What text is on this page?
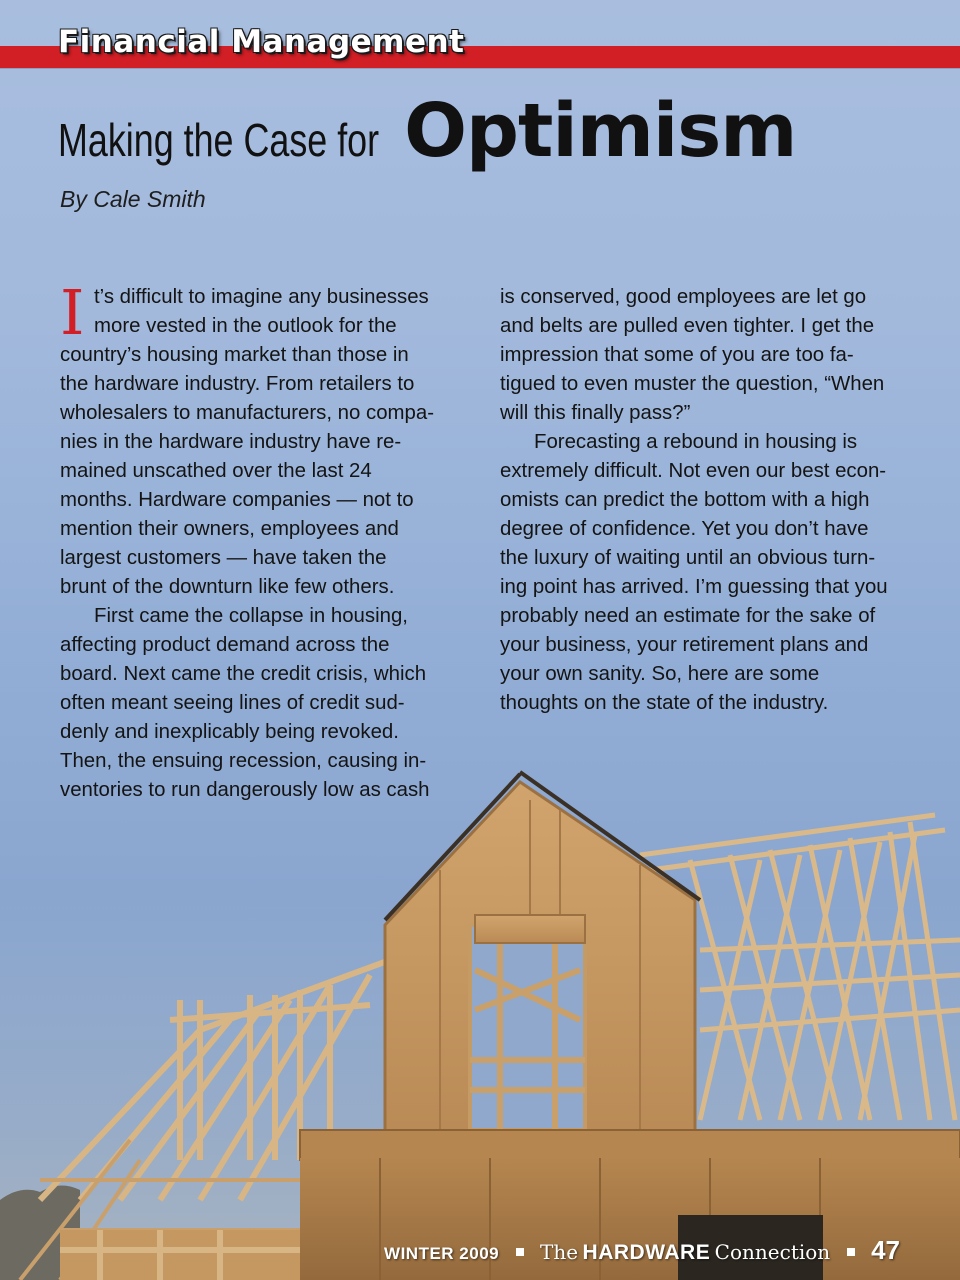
Financial Management
Making the Case for Optimism
By Cale Smith

I t’s difficult to imagine any businesses
more vested in the outlook for the
country’s housing market than those in
the hardware industry. From retailers to
wholesalers to manufacturers, no compa-
nies in the hardware industry have re-
mained unscathed over the last 24
months. Hardware companies — not to
mention their owners, employees and
largest customers — have taken the
brunt of the downturn like few others.

First came the collapse in housing,
affecting product demand across the
board. Next came the credit crisis, which
often meant seeing lines of credit sud-
denly and inexplicably being revoked.
Then, the ensuing recession, causing in-
ventories to run dangerously low as cash

is conserved, good employees are let go
and belts are pulled even tighter. I get the
impression that some of you are too fa-
tigued to even muster the question, “When
will this finally pass?”

Forecasting a rebound in housing is
extremely difficult. Not even our best econ-
omists can predict the bottom with a high
degree of confidence. Yet you don’t have
the luxury of waiting until an obvious turn-
ing point has arrived. I’m guessing that you
probably need an estimate for the sake of
your business, your retirement plans and
your own sanity. So, here are some
thoughts on the state of the industry.

WINTER 2009 The HARDWARE Connection 47
